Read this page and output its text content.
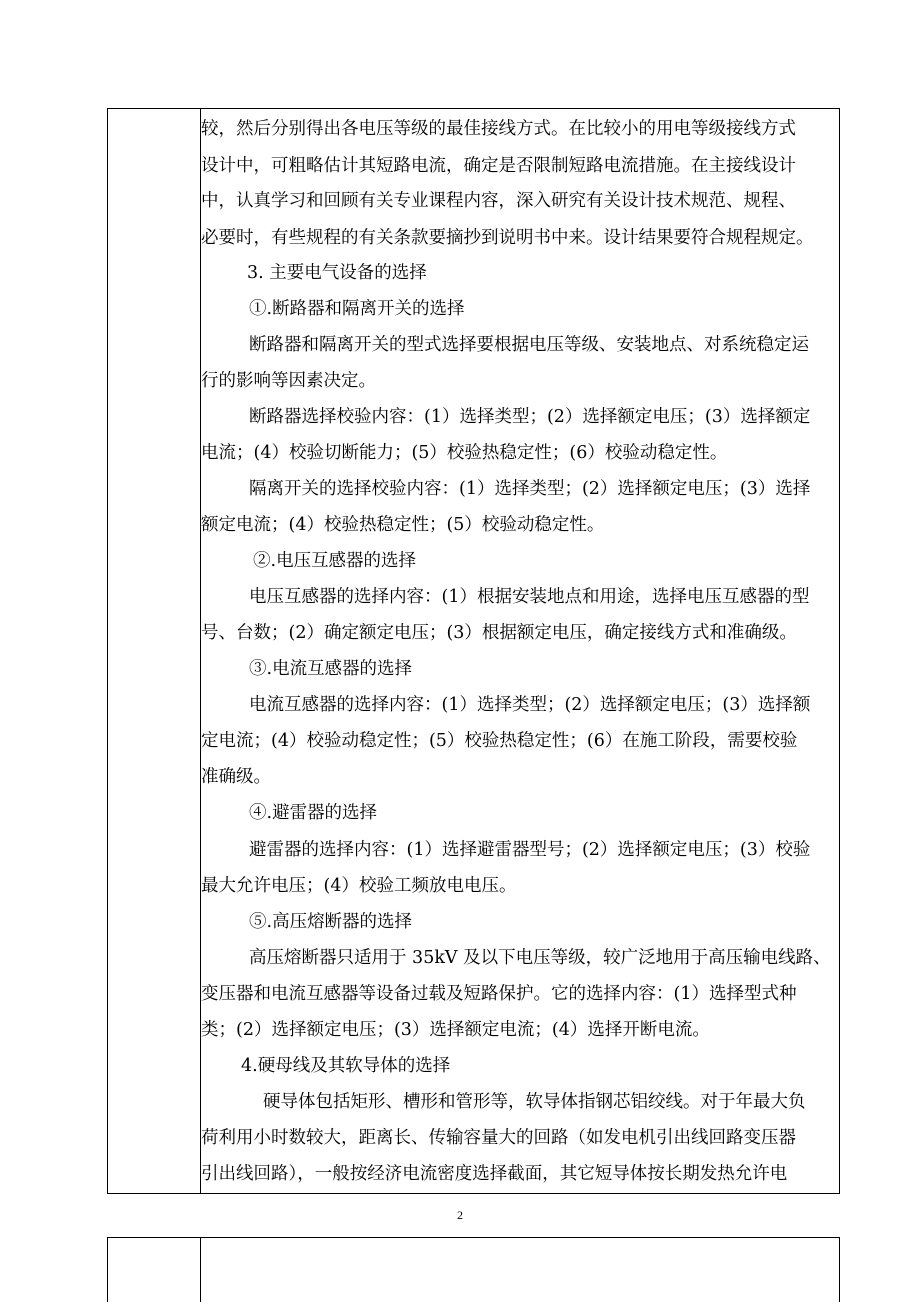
较，然后分别得出各电压等级的最佳接线方式。在比较小的用电等级接线方式
设计中，可粗略估计其短路电流，确定是否限制短路电流措施。在主接线设计
中，认真学习和回顾有关专业课程内容，深入研究有关设计技术规范、规程、
必要时，有些规程的有关条款要摘抄到说明书中来。设计结果要符合规程规定。
3. 主要电气设备的选择
①.断路器和隔离开关的选择
断路器和隔离开关的型式选择要根据电压等级、安装地点、对系统稳定运
行的影响等因素决定。
断路器选择校验内容：(1）选择类型；(2）选择额定电压；(3）选择额定
电流；(4）校验切断能力；(5）校验热稳定性；(6）校验动稳定性。
隔离开关的选择校验内容：(1）选择类型；(2）选择额定电压；(3）选择
额定电流；(4）校验热稳定性；(5）校验动稳定性。
②.电压互感器的选择
电压互感器的选择内容：(1）根据安装地点和用途，选择电压互感器的型
号、台数；(2）确定额定电压；(3）根据额定电压，确定接线方式和准确级。
③.电流互感器的选择
电流互感器的选择内容：(1）选择类型；(2）选择额定电压；(3）选择额
定电流；(4）校验动稳定性；(5）校验热稳定性；(6）在施工阶段，需要校验
准确级。
④.避雷器的选择
避雷器的选择内容：(1）选择避雷器型号；(2）选择额定电压；(3）校验
最大允许电压；(4）校验工频放电电压。
⑤.高压熔断器的选择
高压熔断器只适用于 35kV 及以下电压等级，较广泛地用于高压输电线路、
变压器和电流互感器等设备过载及短路保护。它的选择内容：(1）选择型式种
类；(2）选择额定电压；(3）选择额定电流；(4）选择开断电流。
4.硬母线及其软导体的选择
硬导体包括矩形、槽形和管形等，软导体指钢芯铝绞线。对于年最大负
荷利用小时数较大，距离长、传输容量大的回路（如发电机引出线回路变压器
引出线回路），一般按经济电流密度选择截面，其它短导体按长期发热允许电
2
